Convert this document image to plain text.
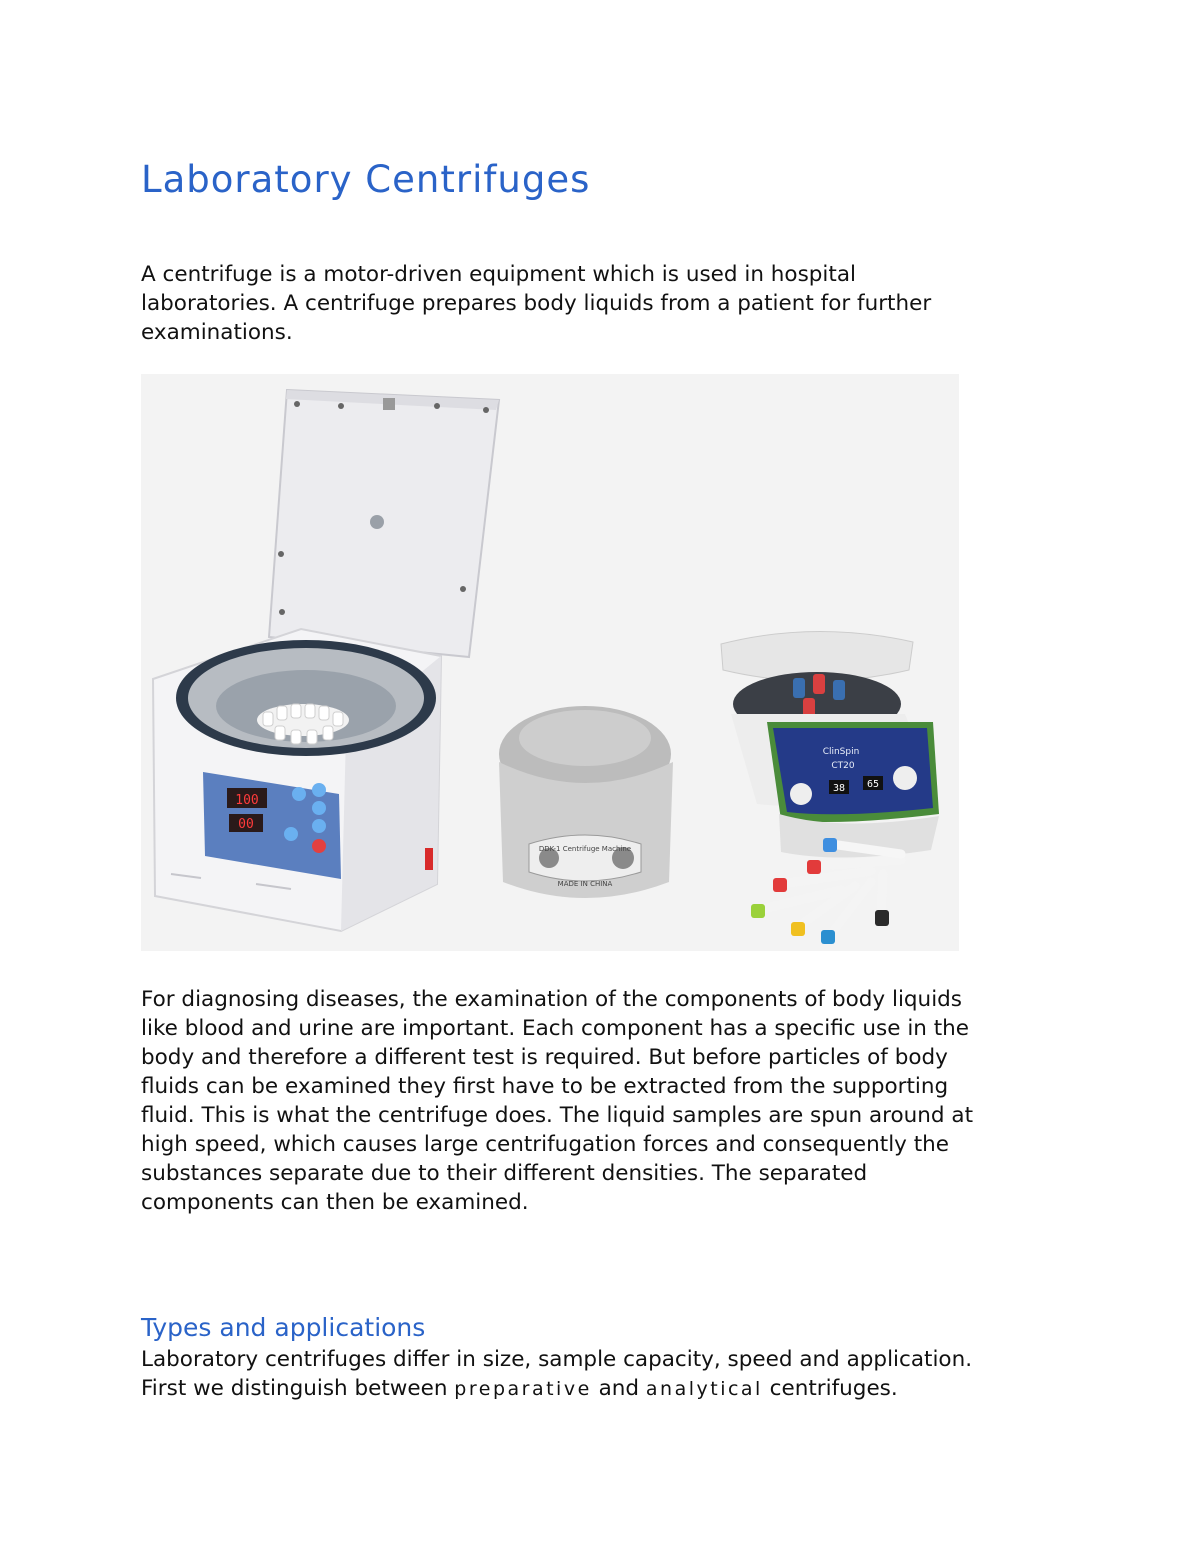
Laboratory Centrifuges

A centrifuge is a motor-driven equipment which is used in hospital
laboratories. A centrifuge prepares body liquids from a patient for further
examinations.

100
00
DDK-1 Centrifuge Machine
MADE IN CHINA
ClinSpin
CT20
38 65

For diagnosing diseases, the examination of the components of body liquids
like blood and urine are important. Each component has a specific use in the
body and therefore a different test is required. But before particles of body
fluids can be examined they first have to be extracted from the supporting
fluid. This is what the centrifuge does. The liquid samples are spun around at
high speed, which causes large centrifugation forces and consequently the
substances separate due to their different densities. The separated
components can then be examined.

Types and applications

Laboratory centrifuges differ in size, sample capacity, speed and application.
First we distinguish between preparative and analytical centrifuges.
